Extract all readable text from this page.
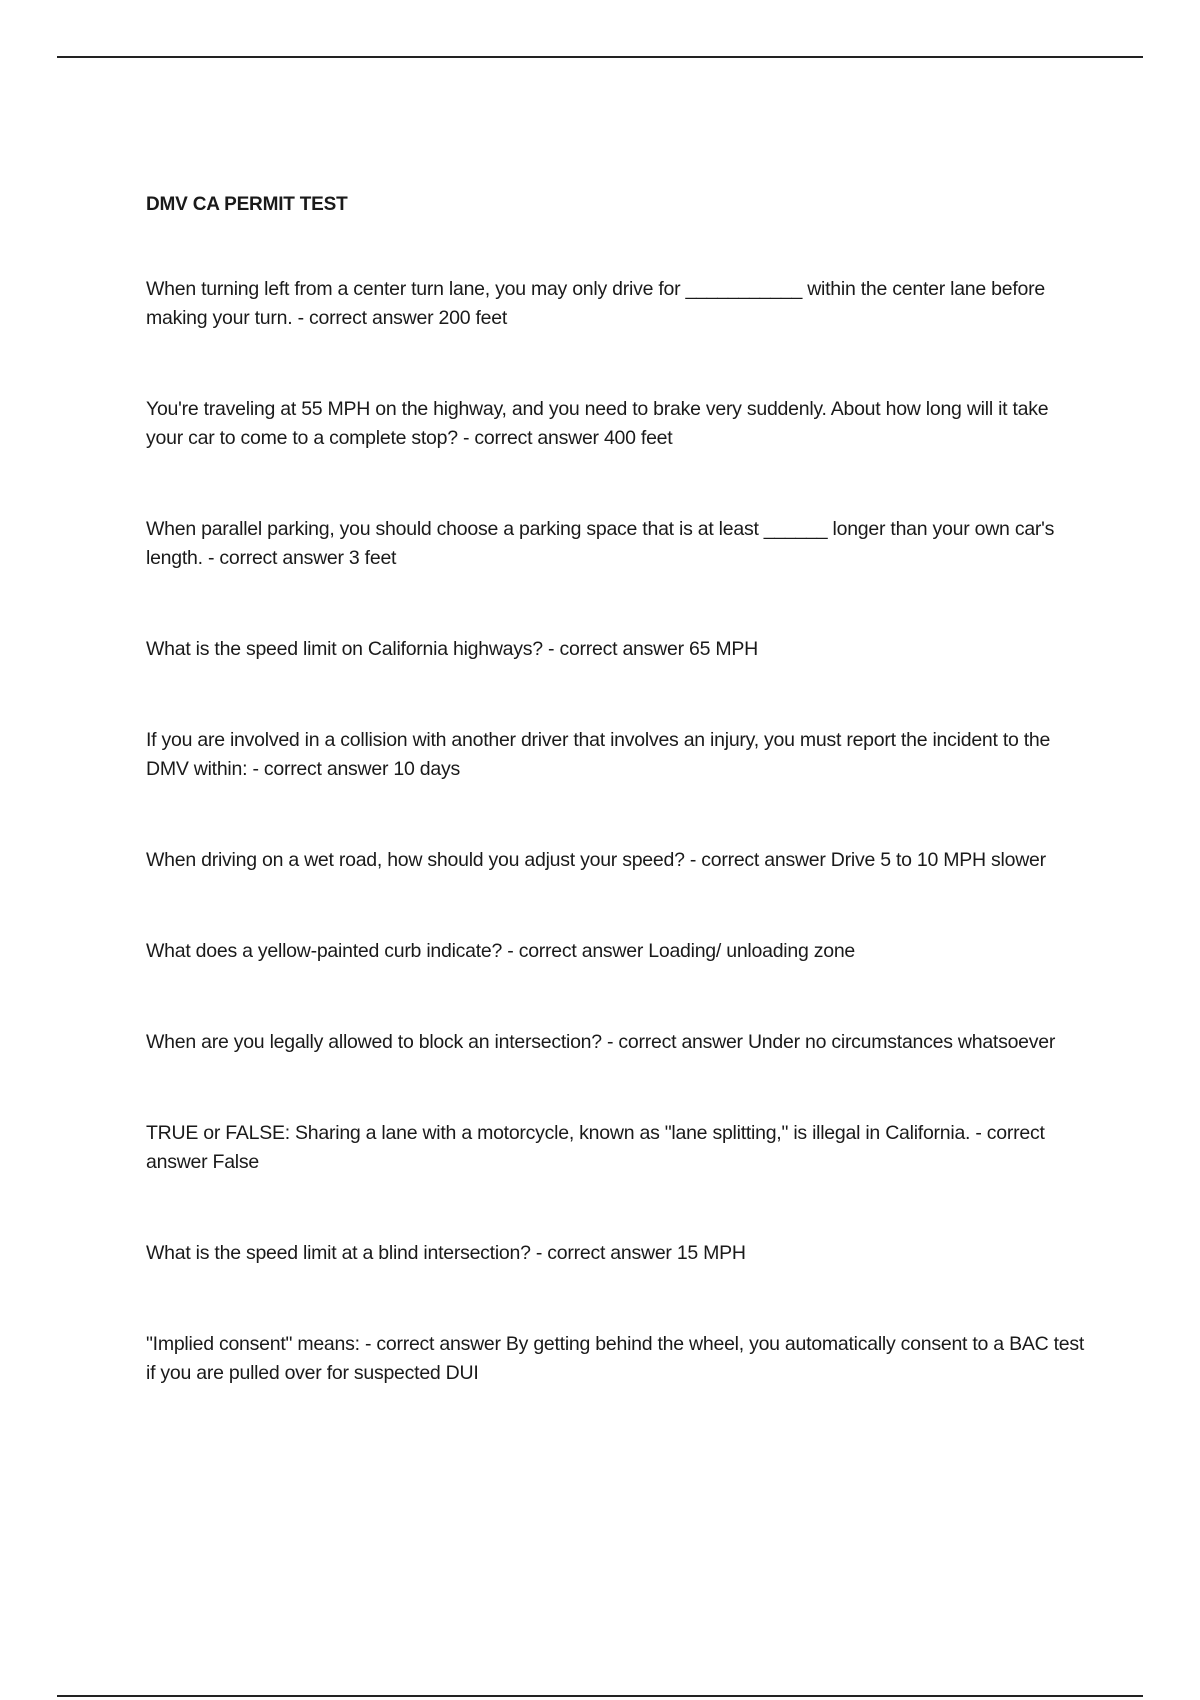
DMV CA PERMIT TEST
When turning left from a center turn lane, you may only drive for ___________ within the center lane before making your turn. - correct answer 200 feet
You're traveling at 55 MPH on the highway, and you need to brake very suddenly. About how long will it take your car to come to a complete stop? - correct answer 400 feet
When parallel parking, you should choose a parking space that is at least ______ longer than your own car's length. - correct answer 3 feet
What is the speed limit on California highways? - correct answer 65 MPH
If you are involved in a collision with another driver that involves an injury, you must report the incident to the DMV within: - correct answer 10 days
When driving on a wet road, how should you adjust your speed? - correct answer Drive 5 to 10 MPH slower
What does a yellow-painted curb indicate? - correct answer Loading/ unloading zone
When are you legally allowed to block an intersection? - correct answer Under no circumstances whatsoever
TRUE or FALSE: Sharing a lane with a motorcycle, known as "lane splitting," is illegal in California. - correct answer False
What is the speed limit at a blind intersection? - correct answer 15 MPH
"Implied consent" means: - correct answer By getting behind the wheel, you automatically consent to a BAC test if you are pulled over for suspected DUI
